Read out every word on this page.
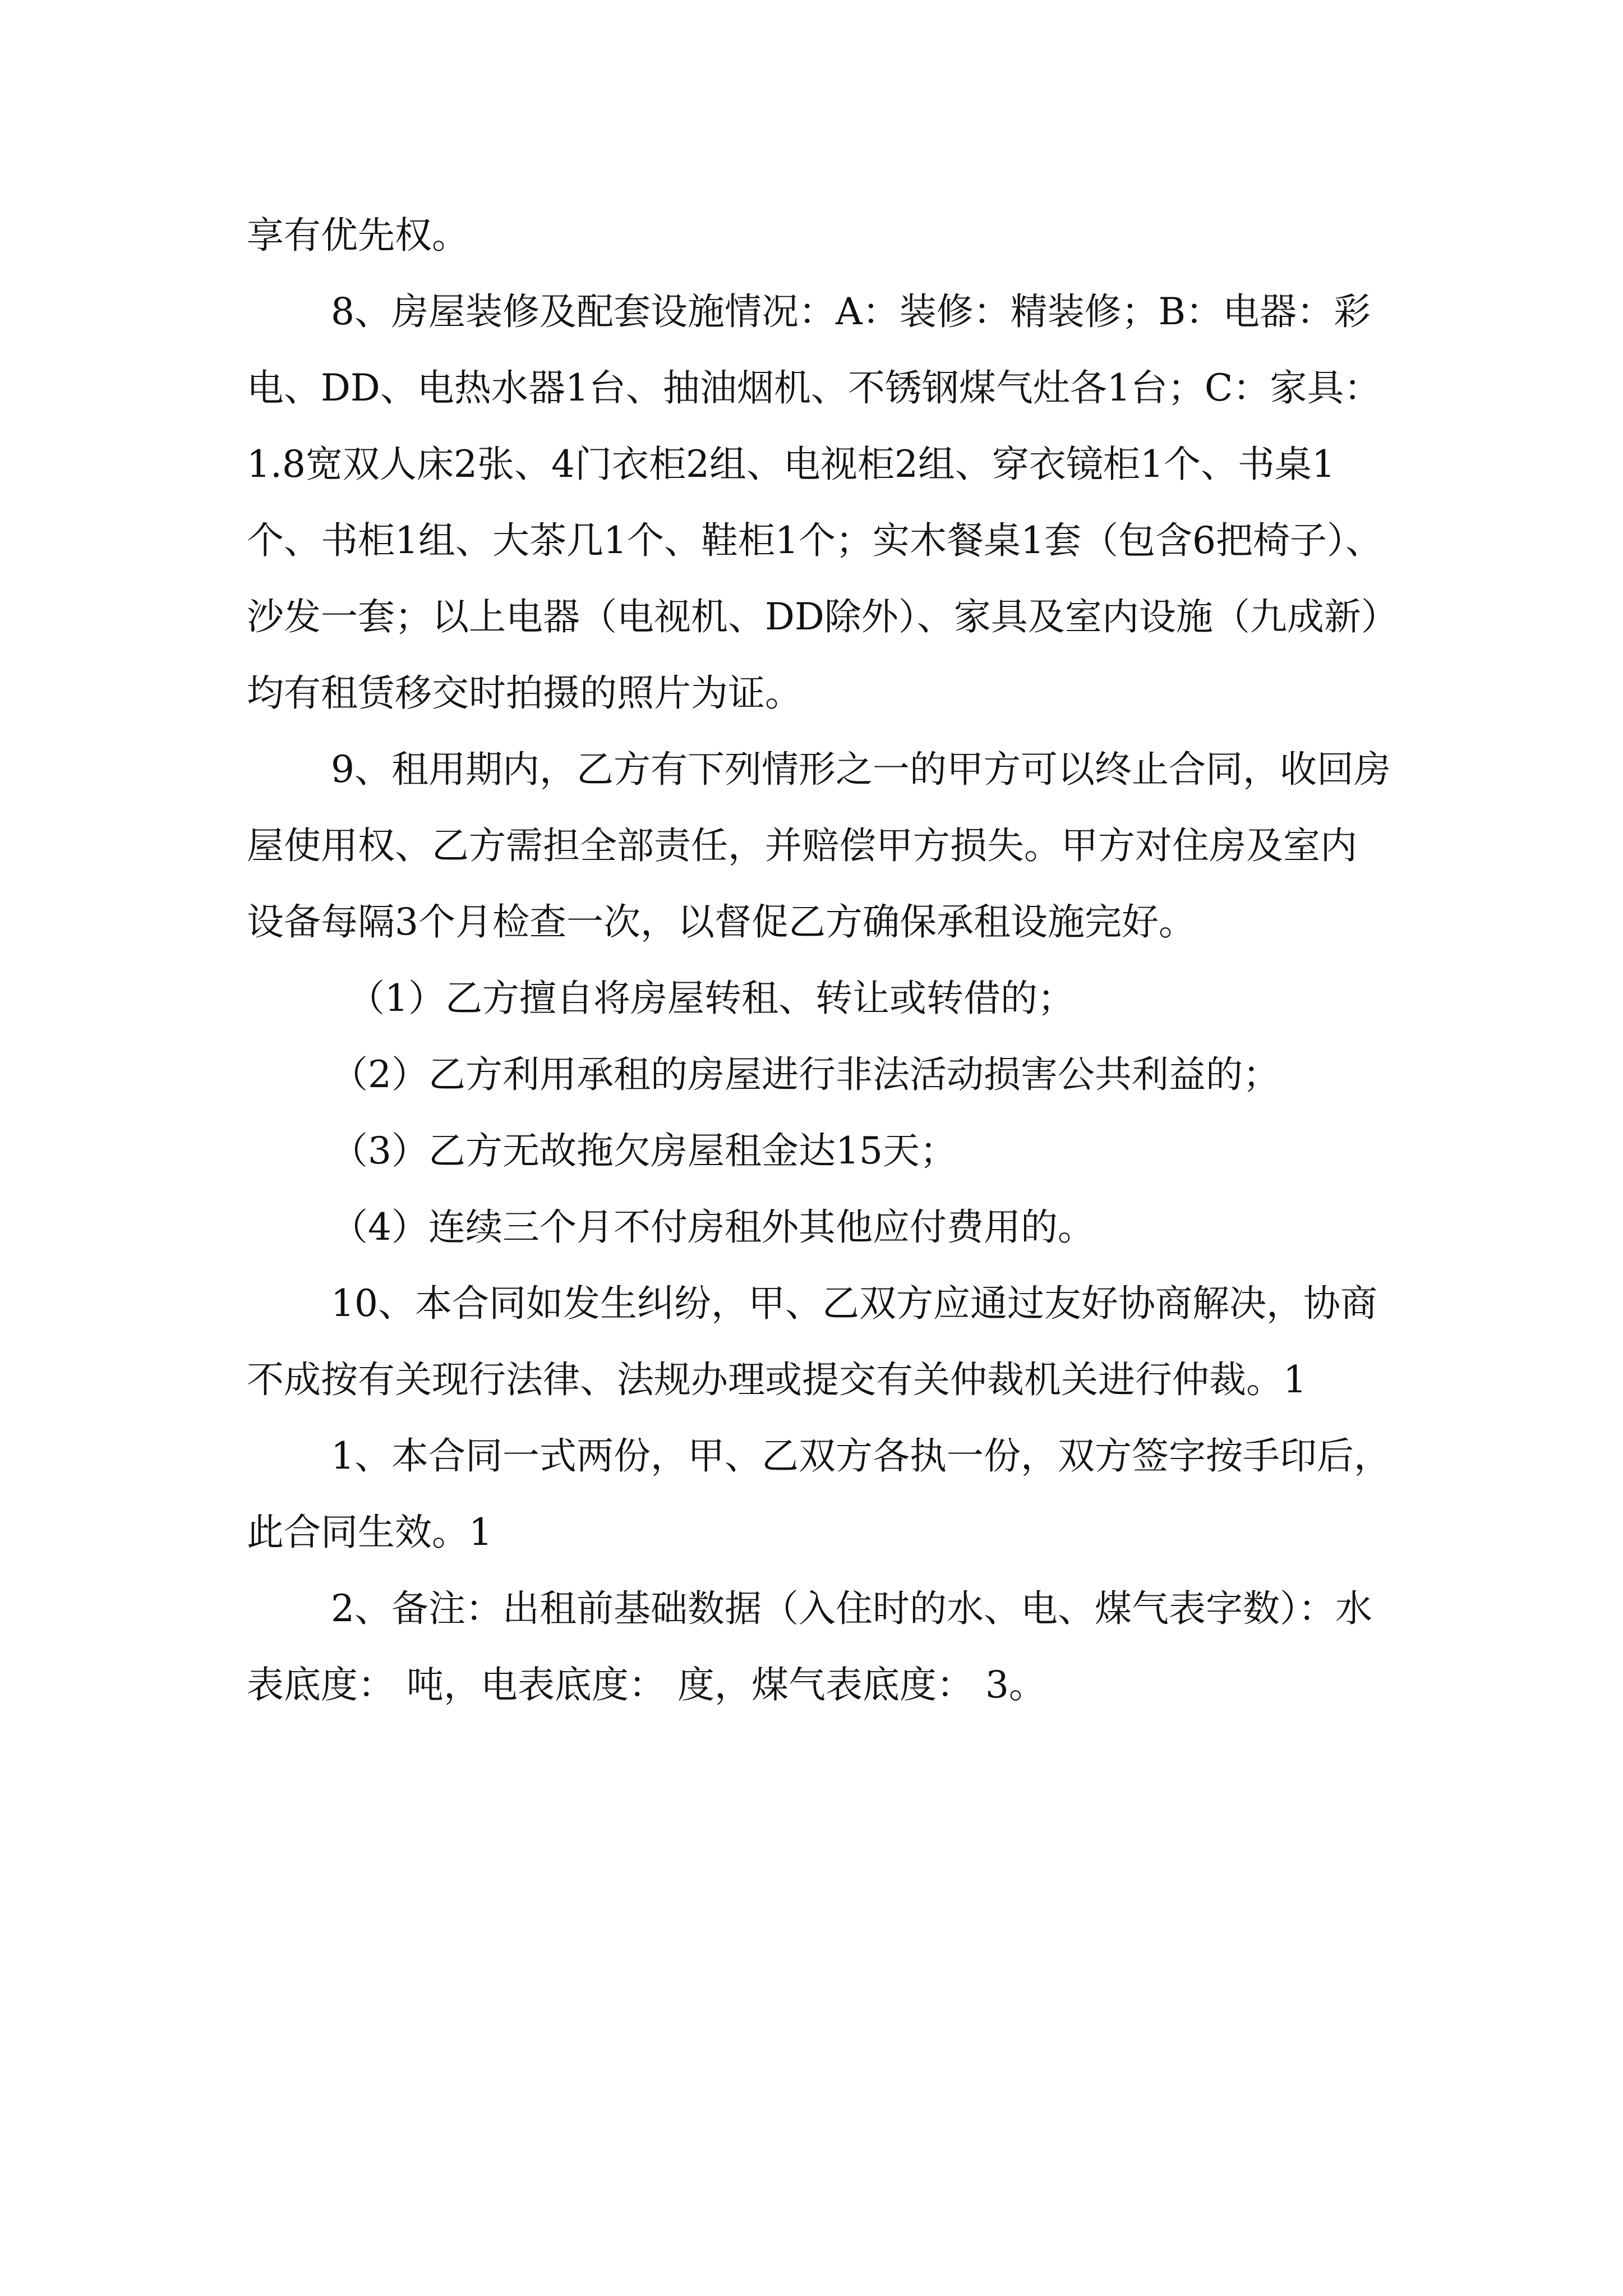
享有优先权。

8、房屋装修及配套设施情况：A：装修：精装修；B：电器：彩电、DD、电热水器1台、抽油烟机、不锈钢煤气灶各1台；C：家具： 1.8宽双人床2张、4门衣柜2组、电视柜2组、穿衣镜柜1个、书桌1个、书柜1组、大茶几1个、鞋柜1个；实木餐桌1套（包含6把椅子）、沙发一套；以上电器（电视机、DD除外）、家具及室内设施（九成新）均有租赁移交时拍摄的照片为证。

9、租用期内，乙方有下列情形之一的甲方可以终止合同，收回房屋使用权、乙方需担全部责任，并赔偿甲方损失。甲方对住房及室内设备每隔3个月检查一次，以督促乙方确保承租设施完好。

（1）乙方擅自将房屋转租、转让或转借的；

（2）乙方利用承租的房屋进行非法活动损害公共利益的；

（3）乙方无故拖欠房屋租金达15天；

（4）连续三个月不付房租外其他应付费用的。

10、本合同如发生纠纷，甲、乙双方应通过友好协商解决，协商不成按有关现行法律、法规办理或提交有关仲裁机关进行仲裁。1

1、本合同一式两份，甲、乙双方各执一份，双方签字按手印后，此合同生效。1

2、备注：出租前基础数据（入住时的水、电、煤气表字数）：水表底度： 吨，电表底度： 度，煤气表底度： 3。
